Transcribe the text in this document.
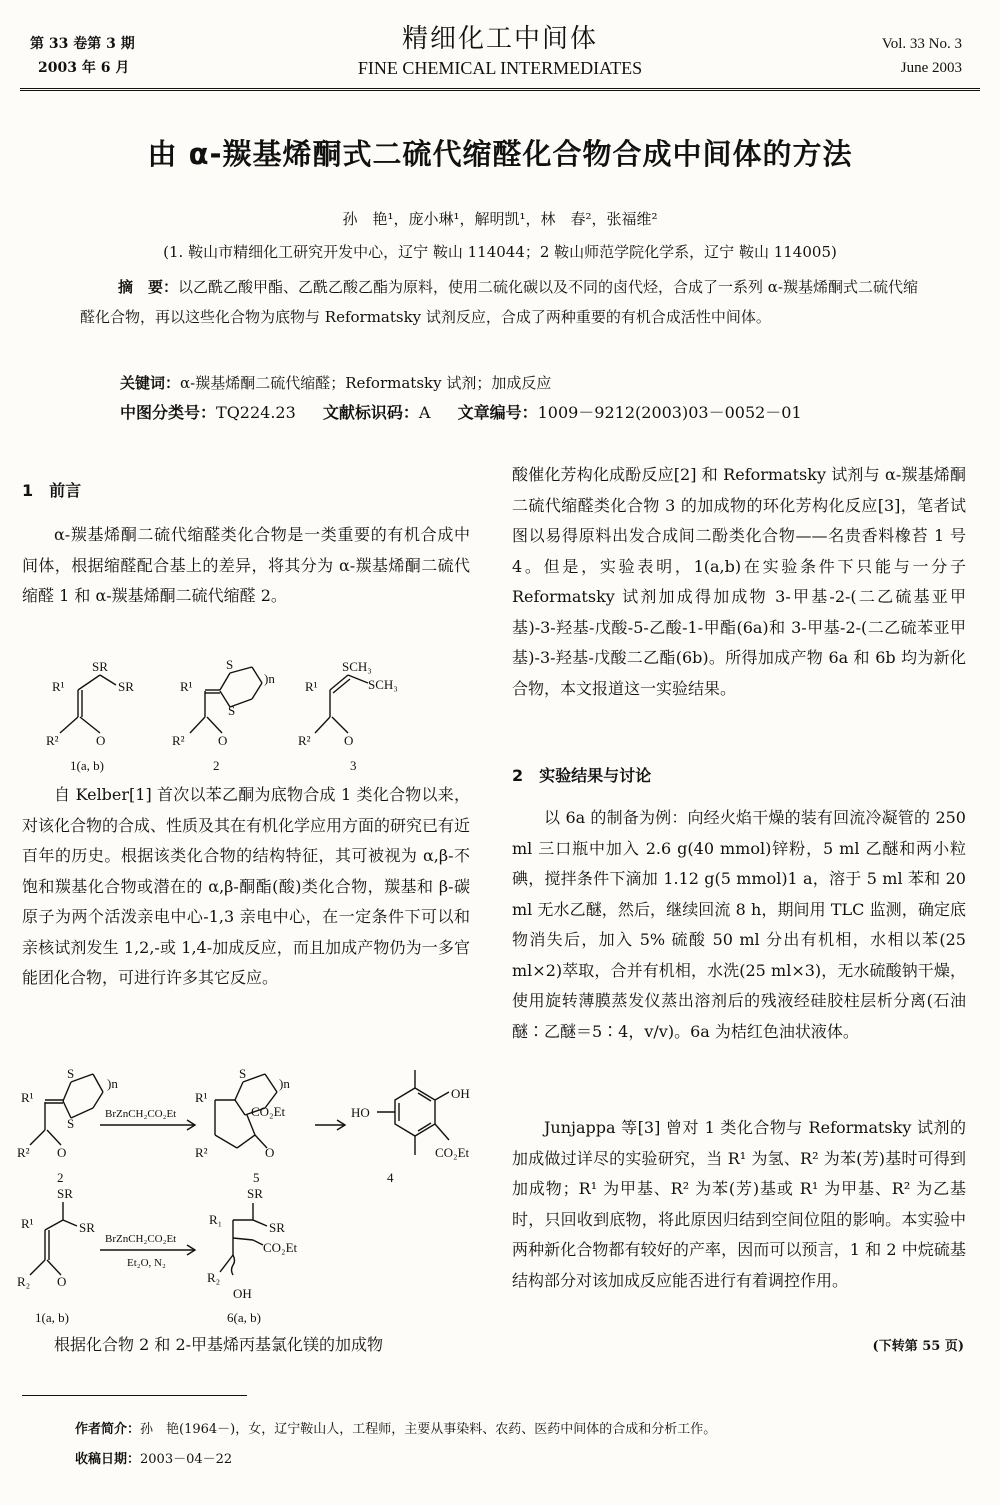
第 33 卷第 3 期
2003 年 6 月
精细化工中间体
FINE CHEMICAL INTERMEDIATES
Vol. 33 No. 3
June 2003
由 α-羰基烯酮式二硫代缩醛化合物合成中间体的方法
孙　艳¹，庞小琳¹，解明凯¹，林　春²，张福维²
(1. 鞍山市精细化工研究开发中心，辽宁 鞍山 114044；2 鞍山师范学院化学系，辽宁 鞍山 114005)
摘　要：以乙酰乙酸甲酯、乙酰乙酸乙酯为原料，使用二硫化碳以及不同的卤代烃，合成了一系列 α-羰基烯酮式二硫代缩醛化合物，再以这些化合物为底物与 Reformatsky 试剂反应，合成了两种重要的有机合成活性中间体。
关键词：α-羰基烯酮二硫代缩醛；Reformatsky 试剂；加成反应
中图分类号：TQ224.23 文献标识码：A 文章编号：1009－9212(2003)03－0052－01
1　前言
α-羰基烯酮二硫代缩醛类化合物是一类重要的有机合成中间体，根据缩醛配合基上的差异，将其分为 α-羰基烯酮二硫代缩醛 1 和 α-羰基烯酮二硫代缩醛 2。
SR
SR
R¹
R²	O
1(a, b)
R¹
S
S
)n
R²	O
2
SCH₃
SCH₃
R¹
R²	O
3
自 Kelber[1] 首次以苯乙酮为底物合成 1 类化合物以来，对该化合物的合成、性质及其在有机化学应用方面的研究已有近百年的历史。根据该类化合物的结构特征，其可被视为 α,β-不饱和羰基化合物或潜在的 α,β-酮酯(酸)类化合物，羰基和 β-碳原子为两个活泼亲电中心-1,3 亲电中心，在一定条件下可以和亲核试剂发生 1,2,-或 1,4-加成反应，而且加成产物仍为一多官能团化合物，可进行许多其它反应。
R¹
S
S
)n
R² O
2
BrZnCH₂CO₂Et
R¹
S
)n
CO₂Et
R²	O
5
HO
OH
CO₂Et
4
SR
SR
R¹
R₂ O
1(a, b)
BrZnCH₂CO₂Et
Et₂O, N₂
SR
SR
R₁
CO₂Et
R₂
OH
6(a, b)
根据化合物 2 和 2-甲基烯丙基氯化镁的加成物
酸催化芳构化成酚反应[2] 和 Reformatsky 试剂与 α-羰基烯酮二硫代缩醛类化合物 3 的加成物的环化芳构化反应[3]，笔者试图以易得原料出发合成间二酚类化合物——名贵香料橡苔 1 号 4。但是，实验表明，1(a,b)在实验条件下只能与一分子 Reformatsky 试剂加成得加成物 3-甲基-2-(二乙硫基亚甲基)-3-羟基-戊酸-5-乙酸-1-甲酯(6a)和 3-甲基-2-(二乙硫苯亚甲基)-3-羟基-戊酸二乙酯(6b)。所得加成产物 6a 和 6b 均为新化合物，本文报道这一实验结果。
2　实验结果与讨论
以 6a 的制备为例：向经火焰干燥的装有回流冷凝管的 250 ml 三口瓶中加入 2.6 g(40 mmol)锌粉，5 ml 乙醚和两小粒碘，搅拌条件下滴加 1.12 g(5 mmol)1 a，溶于 5 ml 苯和 20 ml 无水乙醚，然后，继续回流 8 h，期间用 TLC 监测，确定底物消失后，加入 5% 硫酸 50 ml 分出有机相，水相以苯(25 ml×2)萃取，合并有机相，水洗(25 ml×3)，无水硫酸钠干燥，使用旋转薄膜蒸发仪蒸出溶剂后的残液经硅胶柱层析分离(石油醚∶乙醚＝5∶4，v/v)。6a 为桔红色油状液体。
Junjappa 等[3] 曾对 1 类化合物与 Reformatsky 试剂的加成做过详尽的实验研究，当 R¹ 为氢、R² 为苯(芳)基时可得到加成物；R¹ 为甲基、R² 为苯(芳)基或 R¹ 为甲基、R² 为乙基时，只回收到底物，将此原因归结到空间位阻的影响。本实验中两种新化合物都有较好的产率，因而可以预言，1 和 2 中烷硫基结构部分对该加成反应能否进行有着调控作用。
(下转第 55 页)
作者简介：孙　艳(1964－)，女，辽宁鞍山人，工程师，主要从事染料、农药、医药中间体的合成和分析工作。
收稿日期：2003－04－22
